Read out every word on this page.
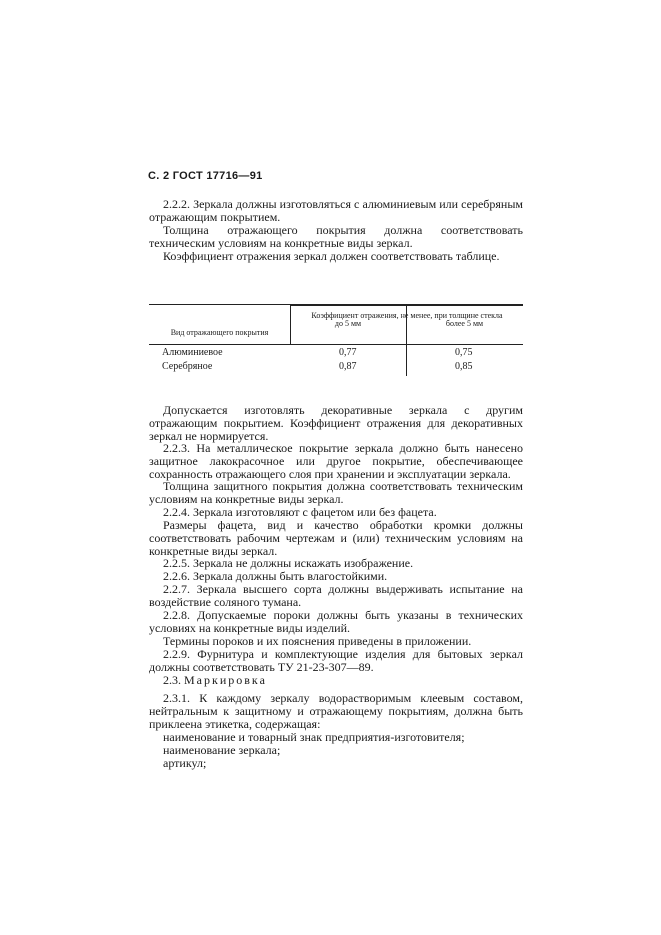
С. 2 ГОСТ 17716—91

2.2.2. Зеркала должны изготовляться с алюминиевым или серебряным отражающим покрытием.

Толщина отражающего покрытия должна соответствовать техническим условиям на конкретные виды зеркал.

Коэффициент отражения зеркал должен соответствовать таблице.

Вид отражающего покрытия
Коэффициент отражения, не менее, при толщине стекла
до 5 мм	более 5 мм
Алюминиевое	0,77	0,75
Серебряное	0,87	0,85

Допускается изготовлять декоративные зеркала с другим отражающим покрытием. Коэффициент отражения для декоративных зеркал не нормируется.

2.2.3. На металлическое покрытие зеркала должно быть нанесено защитное лакокрасочное или другое покрытие, обеспечивающее сохранность отражающего слоя при хранении и эксплуатации зеркала.

Толщина защитного покрытия должна соответствовать техническим условиям на конкретные виды зеркал.

2.2.4. Зеркала изготовляют с фацетом или без фацета.

Размеры фацета, вид и качество обработки кромки должны соответствовать рабочим чертежам и (или) техническим условиям на конкретные виды зеркал.

2.2.5. Зеркала не должны искажать изображение.

2.2.6. Зеркала должны быть влагостойкими.

2.2.7. Зеркала высшего сорта должны выдерживать испытание на воздействие соляного тумана.

2.2.8. Допускаемые пороки должны быть указаны в технических условиях на конкретные виды изделий.

Термины пороков и их пояснения приведены в приложении.

2.2.9. Фурнитура и комплектующие изделия для бытовых зеркал должны соответствовать ТУ 21-23-307—89.

2.3. Маркировка

2.3.1. К каждому зеркалу водорастворимым клеевым составом, нейтральным к защитному и отражающему покрытиям, должна быть приклеена этикетка, содержащая:

наименование и товарный знак предприятия-изготовителя;
наименование зеркала;
артикул;
